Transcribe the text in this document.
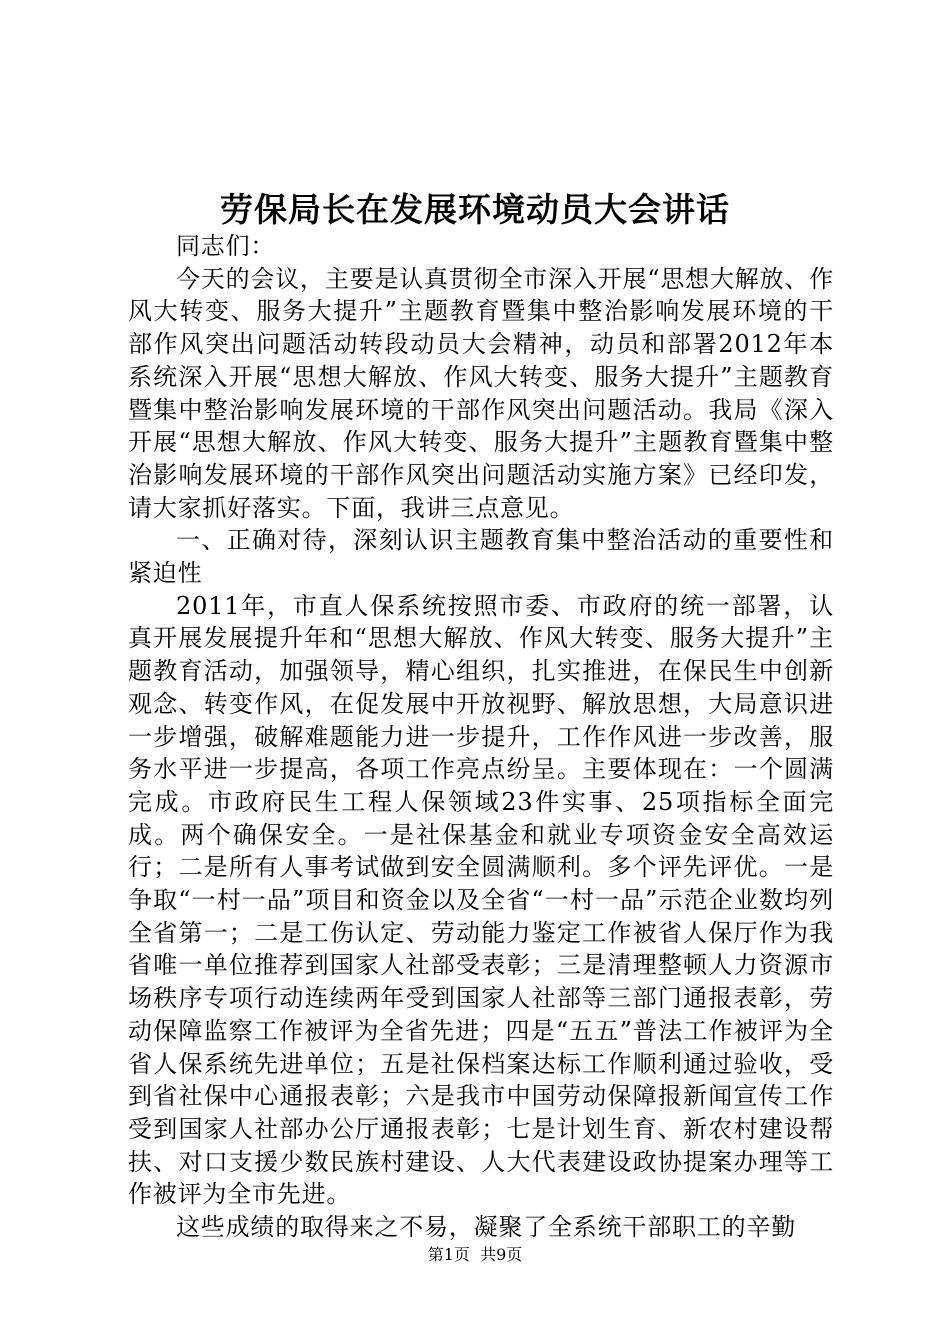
劳保局长在发展环境动员大会讲话

同志们：

今天的会议，主要是认真贯彻全市深入开展“思想大解放、作风大转变、服务大提升”主题教育暨集中整治影响发展环境的干部作风突出问题活动转段动员大会精神，动员和部署2012年本系统深入开展“思想大解放、作风大转变、服务大提升”主题教育暨集中整治影响发展环境的干部作风突出问题活动。我局《深入开展“思想大解放、作风大转变、服务大提升”主题教育暨集中整治影响发展环境的干部作风突出问题活动实施方案》已经印发，请大家抓好落实。下面，我讲三点意见。

一、正确对待，深刻认识主题教育集中整治活动的重要性和紧迫性

2011年，市直人保系统按照市委、市政府的统一部署，认真开展发展提升年和“思想大解放、作风大转变、服务大提升”主题教育活动，加强领导，精心组织，扎实推进，在保民生中创新观念、转变作风，在促发展中开放视野、解放思想，大局意识进一步增强，破解难题能力进一步提升，工作作风进一步改善，服务水平进一步提高，各项工作亮点纷呈。主要体现在：一个圆满完成。市政府民生工程人保领域23件实事、25项指标全面完成。两个确保安全。一是社保基金和就业专项资金安全高效运行；二是所有人事考试做到安全圆满顺利。多个评先评优。一是争取“一村一品”项目和资金以及全省“一村一品”示范企业数均列全省第一；二是工伤认定、劳动能力鉴定工作被省人保厅作为我省唯一单位推荐到国家人社部受表彰；三是清理整顿人力资源市场秩序专项行动连续两年受到国家人社部等三部门通报表彰，劳动保障监察工作被评为全省先进；四是“五五”普法工作被评为全省人保系统先进单位；五是社保档案达标工作顺利通过验收，受到省社保中心通报表彰；六是我市中国劳动保障报新闻宣传工作受到国家人社部办公厅通报表彰；七是计划生育、新农村建设帮扶、对口支援少数民族村建设、人大代表建设政协提案办理等工作被评为全市先进。

这些成绩的取得来之不易，凝聚了全系统干部职工的辛勤

第1页  共9页
